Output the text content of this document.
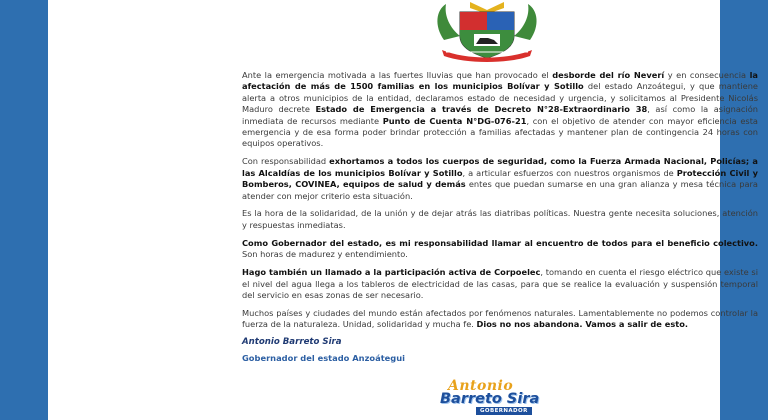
Ante la emergencia motivada a las fuertes lluvias que han provocado el desborde del río Neverí y en consecuencia la afectación de más de 1500 familias en los municipios Bolívar y Sotillo del estado Anzoátegui, y que mantiene alerta a otros municipios de la entidad, declaramos estado de necesidad y urgencia, y solicitamos al Presidente Nicolás Maduro decrete Estado de Emergencia a través de Decreto N°28-Extraordinario 38, así como la asignación inmediata de recursos mediante Punto de Cuenta N°DG-076-21, con el objetivo de atender con mayor eficiencia esta emergencia y de esa forma poder brindar protección a familias afectadas y mantener plan de contingencia 24 horas con equipos operativos.

Con responsabilidad exhortamos a todos los cuerpos de seguridad, como la Fuerza Armada Nacional, Policías; a las Alcaldías de los municipios Bolívar y Sotillo, a articular esfuerzos con nuestros organismos de Protección Civil y Bomberos, COVINEA, equipos de salud y demás entes que puedan sumarse en una gran alianza y mesa técnica para atender con mejor criterio esta situación.

Es la hora de la solidaridad, de la unión y de dejar atrás las diatribas políticas. Nuestra gente necesita soluciones, atención y respuestas inmediatas.

Como Gobernador del estado, es mi responsabilidad llamar al encuentro de todos para el beneficio colectivo. Son horas de madurez y entendimiento.

Hago también un llamado a la participación activa de Corpoelec, tomando en cuenta el riesgo eléctrico que existe si el nivel del agua llega a los tableros de electricidad de las casas, para que se realice la evaluación y suspensión temporal del servicio en esas zonas de ser necesario.

Muchos países y ciudades del mundo están afectados por fenómenos naturales. Lamentablemente no podemos controlar la fuerza de la naturaleza. Unidad, solidaridad y mucha fe. Dios no nos abandona. Vamos a salir de esto.

Antonio Barreto Sira
Gobernador del estado Anzoátegui
Antonio
Barreto Sira
GOBERNADOR
